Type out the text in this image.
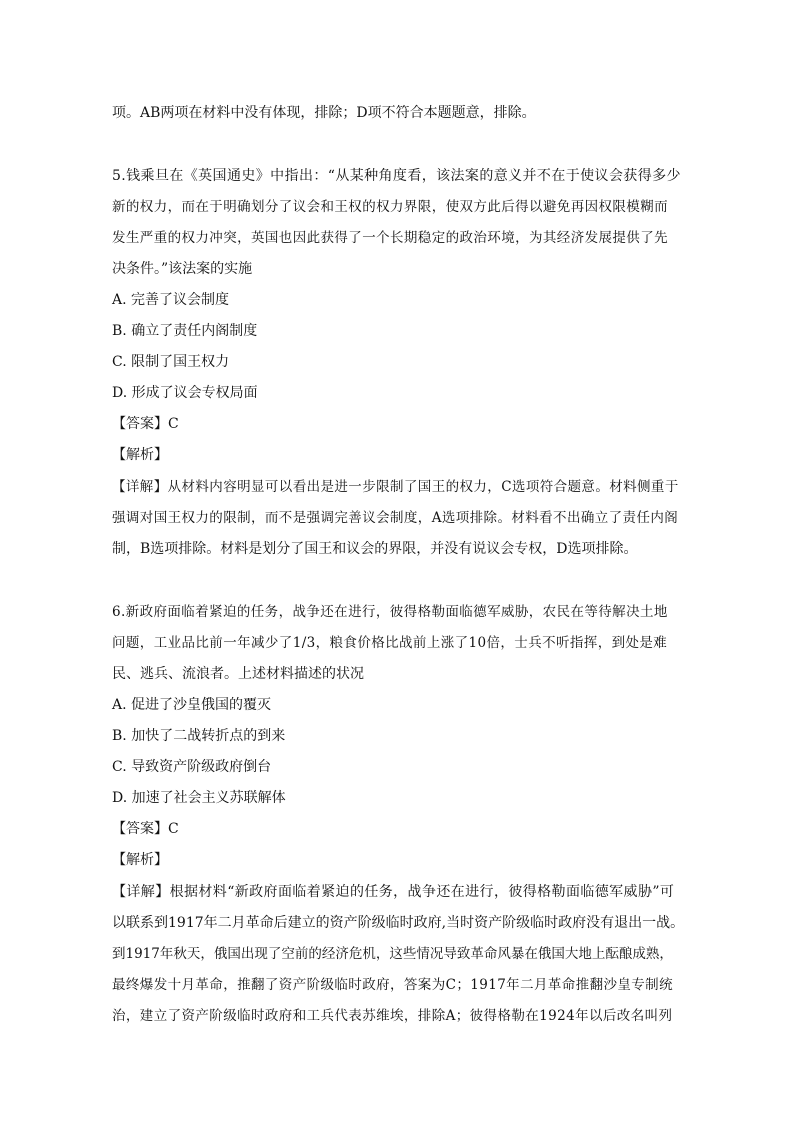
项。AB两项在材料中没有体现，排除；D项不符合本题题意，排除。
5.钱乘旦在《英国通史》中指出：“从某种角度看，该法案的意义并不在于使议会获得多少
新的权力，而在于明确划分了议会和王权的权力界限，使双方此后得以避免再因权限模糊而
发生严重的权力冲突，英国也因此获得了一个长期稳定的政治环境，为其经济发展提供了先
决条件。”该法案的实施
A. 完善了议会制度
B. 确立了责任内阁制度
C. 限制了国王权力
D. 形成了议会专权局面
【答案】C
【解析】
【详解】从材料内容明显可以看出是进一步限制了国王的权力，C选项符合题意。材料侧重于
强调对国王权力的限制，而不是强调完善议会制度，A选项排除。材料看不出确立了责任内阁
制，B选项排除。材料是划分了国王和议会的界限，并没有说议会专权，D选项排除。
6.新政府面临着紧迫的任务，战争还在进行，彼得格勒面临德军威胁，农民在等待解决土地
问题，工业品比前一年减少了1/3，粮食价格比战前上涨了10倍，士兵不听指挥，到处是难
民、逃兵、流浪者。上述材料描述的状况
A. 促进了沙皇俄国的覆灭
B. 加快了二战转折点的到来
C. 导致资产阶级政府倒台
D. 加速了社会主义苏联解体
【答案】C
【解析】
【详解】根据材料“新政府面临着紧迫的任务，战争还在进行，彼得格勒面临德军威胁”可
以联系到1917年二月革命后建立的资产阶级临时政府,当时资产阶级临时政府没有退出一战。
到1917年秋天，俄国出现了空前的经济危机，这些情况导致革命风暴在俄国大地上酝酿成熟，
最终爆发十月革命，推翻了资产阶级临时政府，答案为C；1917年二月革命推翻沙皇专制统
治，建立了资产阶级临时政府和工兵代表苏维埃，排除A；彼得格勒在1924年以后改名叫列
